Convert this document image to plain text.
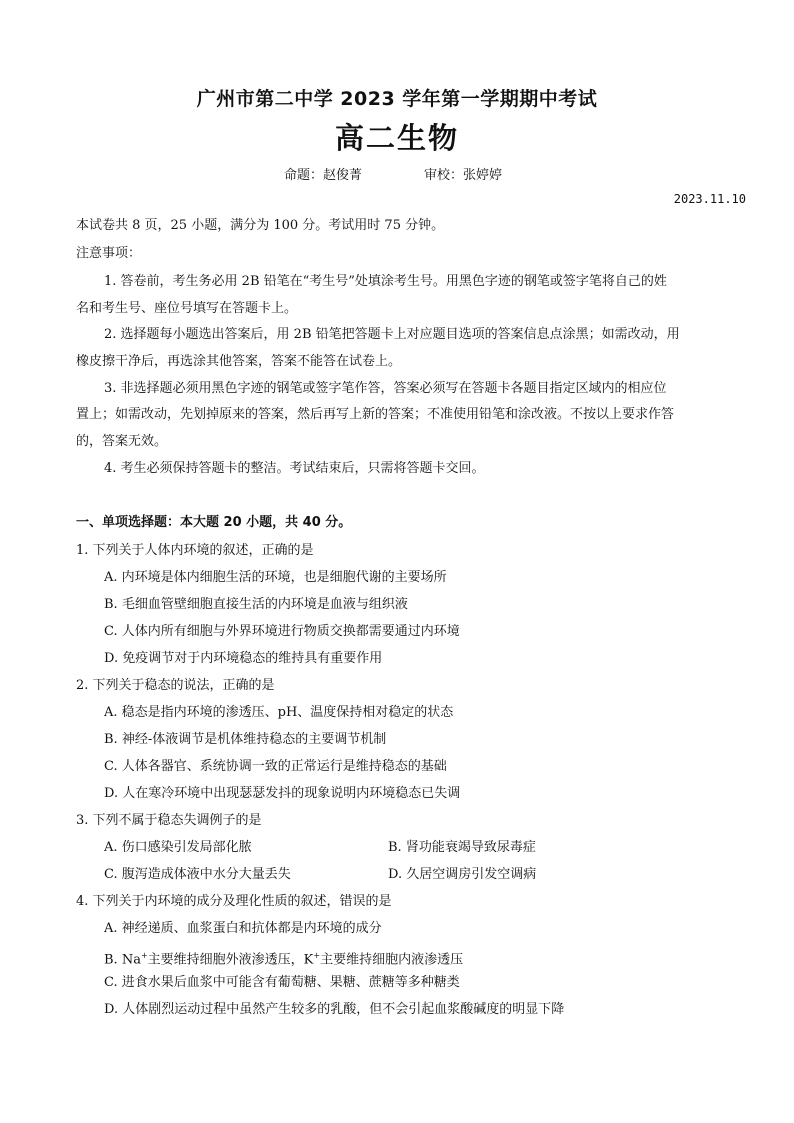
广州市第二中学 2023 学年第一学期期中考试
高二生物
命题：赵俊菁	审校：张婷婷
2023.11.10
本试卷共 8 页，25 小题，满分为 100 分。考试用时 75 分钟。
注意事项：
1. 答卷前，考生务必用 2B 铅笔在“考生号”处填涂考生号。用黑色字迹的钢笔或签字笔将自己的姓
名和考生号、座位号填写在答题卡上。
2. 选择题每小题选出答案后，用 2B 铅笔把答题卡上对应题目选项的答案信息点涂黑；如需改动，用
橡皮擦干净后，再选涂其他答案，答案不能答在试卷上。
3. 非选择题必须用黑色字迹的钢笔或签字笔作答，答案必须写在答题卡各题目指定区域内的相应位
置上；如需改动，先划掉原来的答案，然后再写上新的答案；不准使用铅笔和涂改液。不按以上要求作答
的，答案无效。
4. 考生必须保持答题卡的整洁。考试结束后，只需将答题卡交回。
一、单项选择题：本大题 20 小题，共 40 分。
1. 下列关于人体内环境的叙述，正确的是
A. 内环境是体内细胞生活的环境，也是细胞代谢的主要场所
B. 毛细血管壁细胞直接生活的内环境是血液与组织液
C. 人体内所有细胞与外界环境进行物质交换都需要通过内环境
D. 免疫调节对于内环境稳态的维持具有重要作用
2. 下列关于稳态的说法，正确的是
A. 稳态是指内环境的渗透压、pH、温度保持相对稳定的状态
B. 神经-体液调节是机体维持稳态的主要调节机制
C. 人体各器官、系统协调一致的正常运行是维持稳态的基础
D. 人在寒冷环境中出现瑟瑟发抖的现象说明内环境稳态已失调
3. 下列不属于稳态失调例子的是
A. 伤口感染引发局部化脓	B. 肾功能衰竭导致尿毒症
C. 腹泻造成体液中水分大量丢失	D. 久居空调房引发空调病
4. 下列关于内环境的成分及理化性质的叙述，错误的是
A. 神经递质、血浆蛋白和抗体都是内环境的成分
B. Na+主要维持细胞外液渗透压，K+主要维持细胞内液渗透压
C. 进食水果后血浆中可能含有葡萄糖、果糖、蔗糖等多种糖类
D. 人体剧烈运动过程中虽然产生较多的乳酸，但不会引起血浆酸碱度的明显下降
